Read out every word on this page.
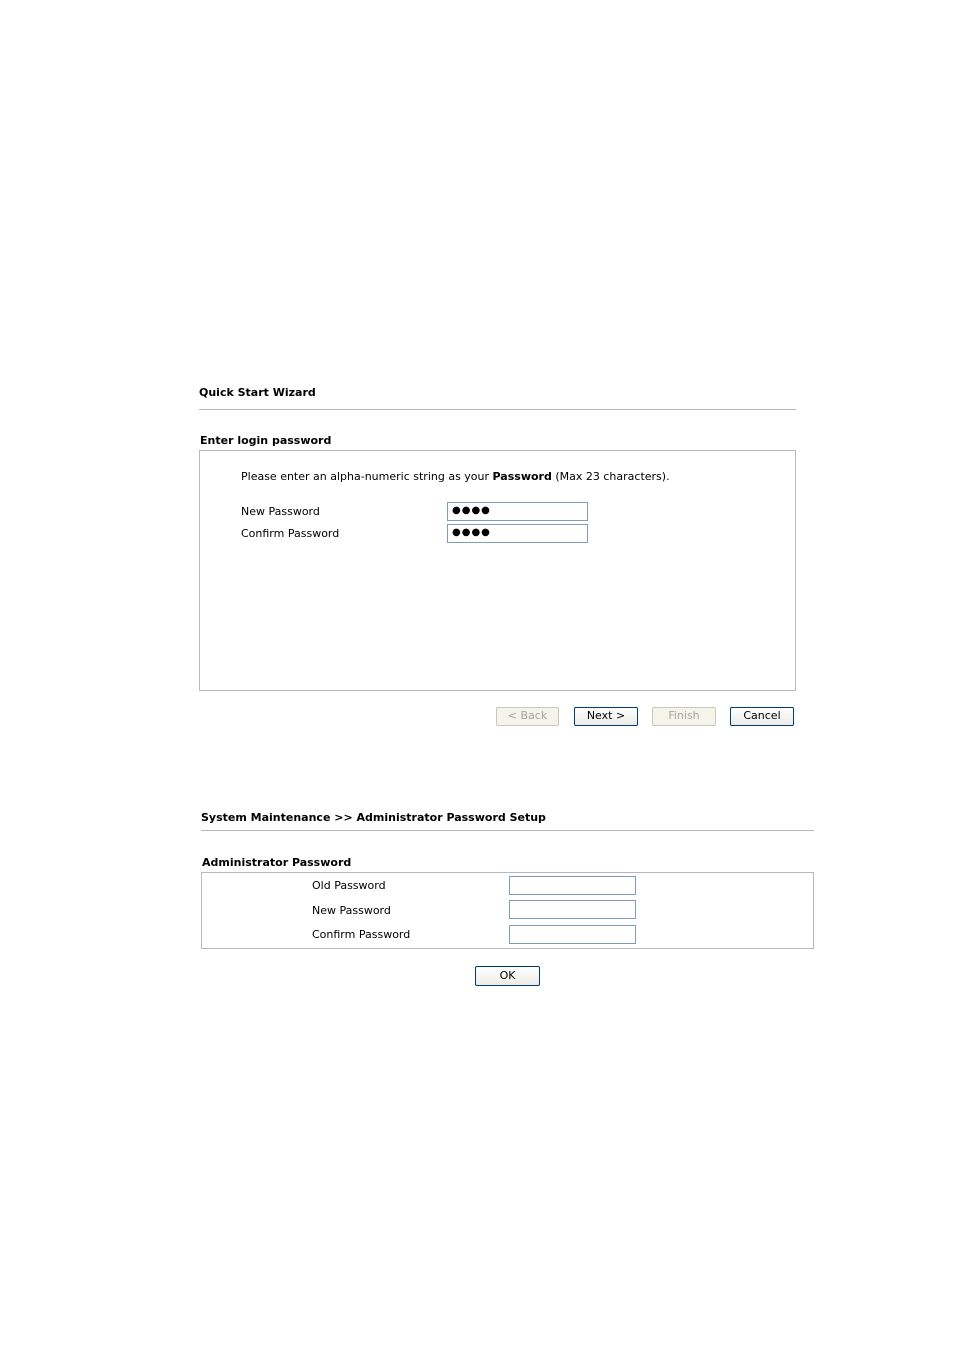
Quick Start Wizard
Enter login password
Please enter an alpha-numeric string as your Password (Max 23 characters).
New Password	●●●●
Confirm Password	●●●●
< Back	Next >	Finish	Cancel
System Maintenance >> Administrator Password Setup
Administrator Password
Old Password
New Password
Confirm Password
OK
